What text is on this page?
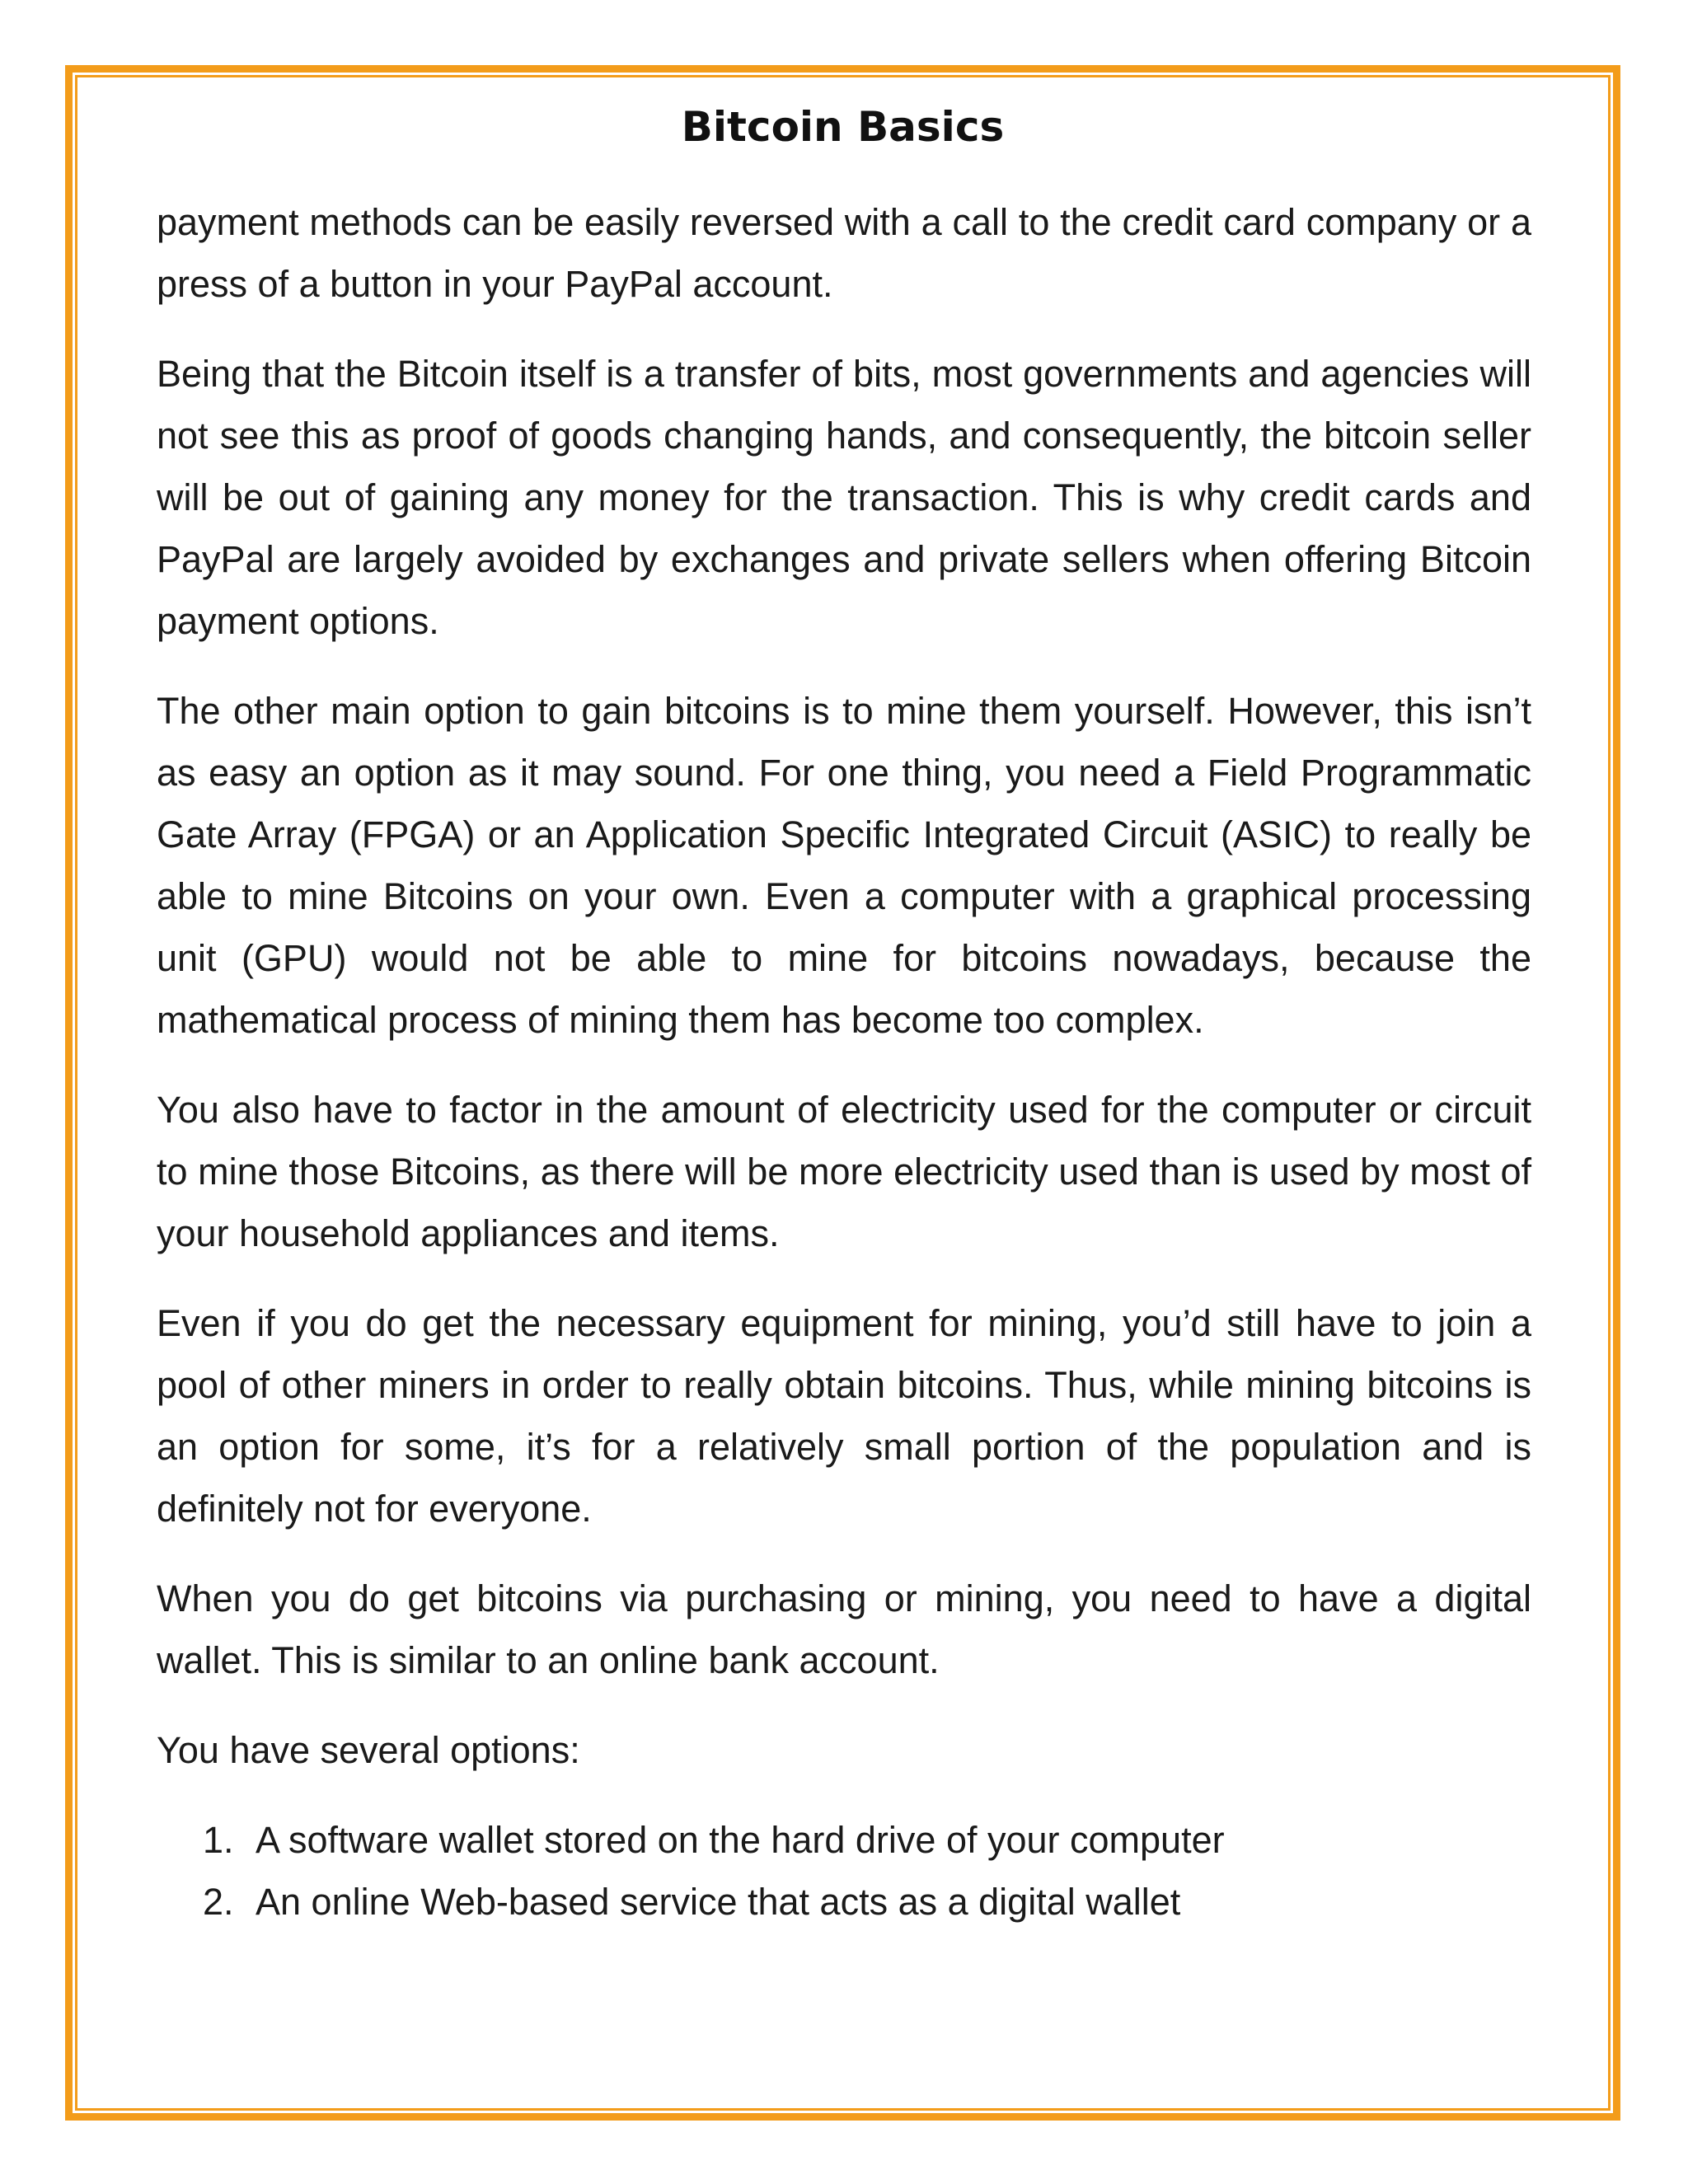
Bitcoin Basics

payment methods can be easily reversed with a call to the credit card company or a press of a button in your PayPal account.

Being that the Bitcoin itself is a transfer of bits, most governments and agencies will not see this as proof of goods changing hands, and consequently, the bitcoin seller will be out of gaining any money for the transaction. This is why credit cards and PayPal are largely avoided by exchanges and private sellers when offering Bitcoin payment options.

The other main option to gain bitcoins is to mine them yourself. However, this isn’t as easy an option as it may sound. For one thing, you need a Field Programmatic Gate Array (FPGA) or an Application Specific Integrated Circuit (ASIC) to really be able to mine Bitcoins on your own. Even a computer with a graphical processing unit (GPU) would not be able to mine for bitcoins nowadays, because the mathematical process of mining them has become too complex.

You also have to factor in the amount of electricity used for the computer or circuit to mine those Bitcoins, as there will be more electricity used than is used by most of your household appliances and items.

Even if you do get the necessary equipment for mining, you’d still have to join a pool of other miners in order to really obtain bitcoins. Thus, while mining bitcoins is an option for some, it’s for a relatively small portion of the population and is definitely not for everyone.

When you do get bitcoins via purchasing or mining, you need to have a digital wallet. This is similar to an online bank account.

You have several options:

1. A software wallet stored on the hard drive of your computer
2. An online Web-based service that acts as a digital wallet
